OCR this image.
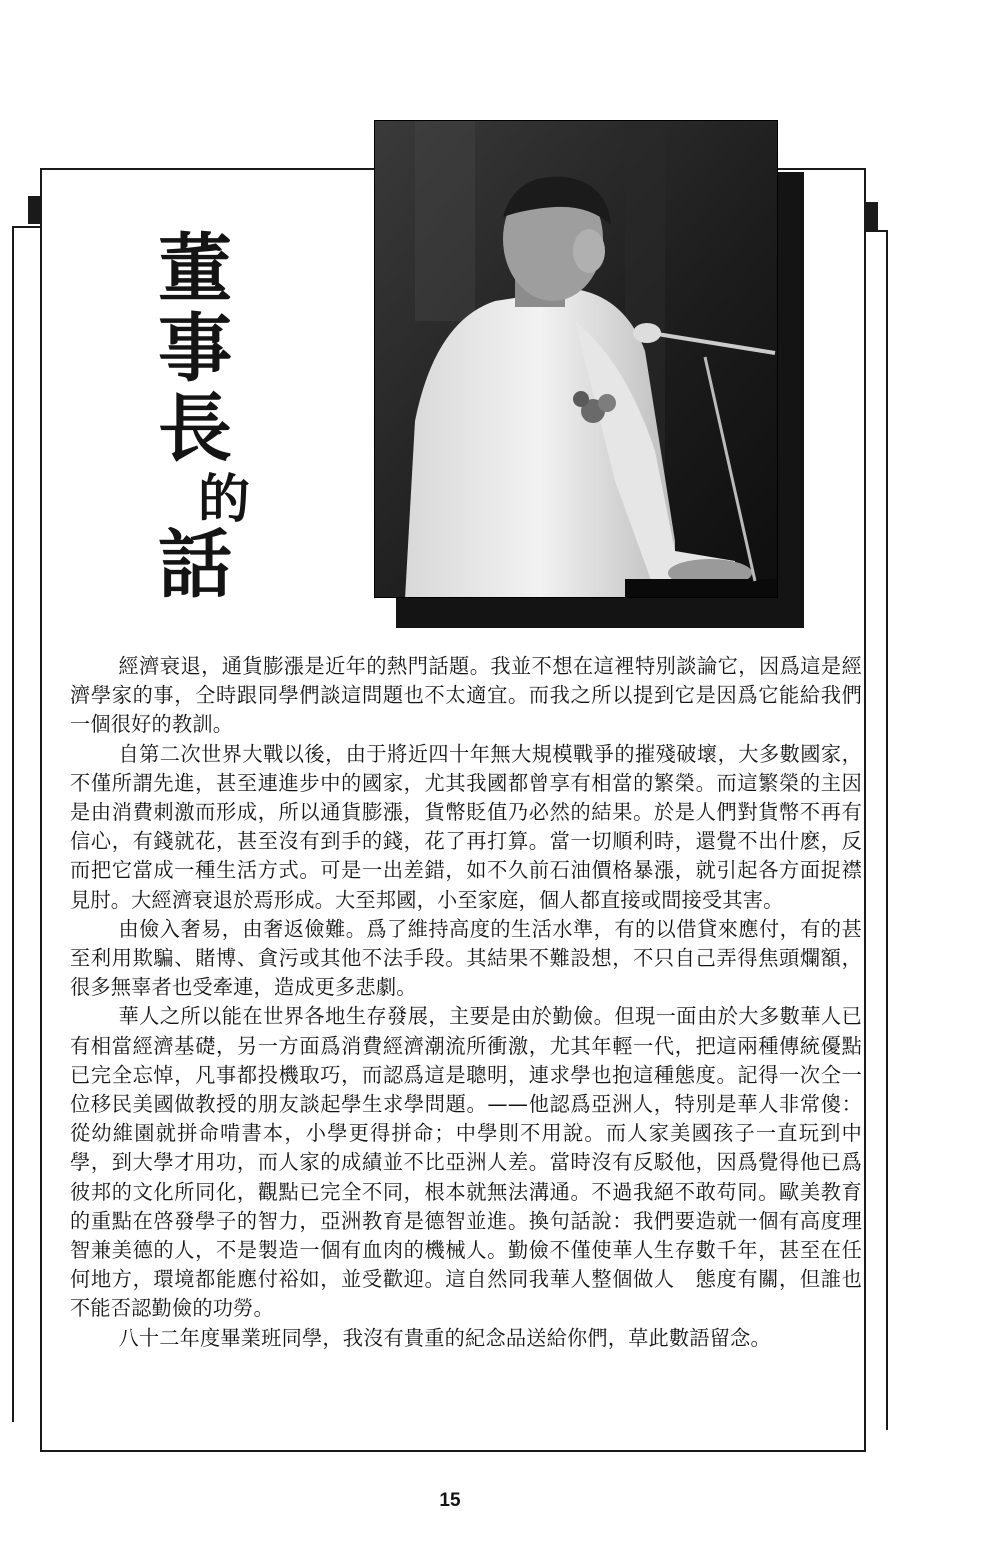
董
事
長
的
話

經濟衰退，通貨膨漲是近年的熱門話題。我並不想在這裡特別談論它，因爲這是經濟學家的事，仝時跟同學們談這問題也不太適宜。而我之所以提到它是因爲它能給我們一個很好的教訓。

自第二次世界大戰以後，由于將近四十年無大規模戰爭的摧殘破壞，大多數國家，不僅所謂先進，甚至連進步中的國家，尤其我國都曾享有相當的繁榮。而這繁榮的主因是由消費刺激而形成，所以通貨膨漲，貨幣貶值乃必然的結果。於是人們對貨幣不再有信心，有錢就花，甚至沒有到手的錢，花了再打算。當一切順利時，還覺不出什麽，反而把它當成一種生活方式。可是一出差錯，如不久前石油價格暴漲，就引起各方面捉襟見肘。大經濟衰退於焉形成。大至邦國，小至家庭，個人都直接或間接受其害。

由儉入奢易，由奢返儉難。爲了維持高度的生活水準，有的以借貸來應付，有的甚至利用欺騙、賭博、貪污或其他不法手段。其結果不難設想，不只自己弄得焦頭爛額，很多無辜者也受牽連，造成更多悲劇。

華人之所以能在世界各地生存發展，主要是由於勤儉。但現一面由於大多數華人已有相當經濟基礎，另一方面爲消費經濟潮流所衝激，尤其年輕一代，把這兩種傳統優點已完全忘悼，凡事都投機取巧，而認爲這是聰明，連求學也抱這種態度。記得一次仝一位移民美國做教授的朋友談起學生求學問題。——他認爲亞洲人，特別是華人非常傻：從幼維園就拼命啃書本，小學更得拼命；中學則不用說。而人家美國孩子一直玩到中學，到大學才用功，而人家的成績並不比亞洲人差。當時沒有反駁他，因爲覺得他已爲彼邦的文化所同化，觀點已完全不同，根本就無法溝通。不過我絕不敢苟同。歐美教育的重點在啓發學子的智力，亞洲教育是德智並進。換句話說：我們要造就一個有高度理智兼美德的人，不是製造一個有血肉的機械人。勤儉不僅使華人生存數千年，甚至在任何地方，環境都能應付裕如，並受歡迎。這自然同我華人整個做人　態度有關，但誰也不能否認勤儉的功勞。

八十二年度畢業班同學，我沒有貴重的紀念品送給你們，草此數語留念。

15
